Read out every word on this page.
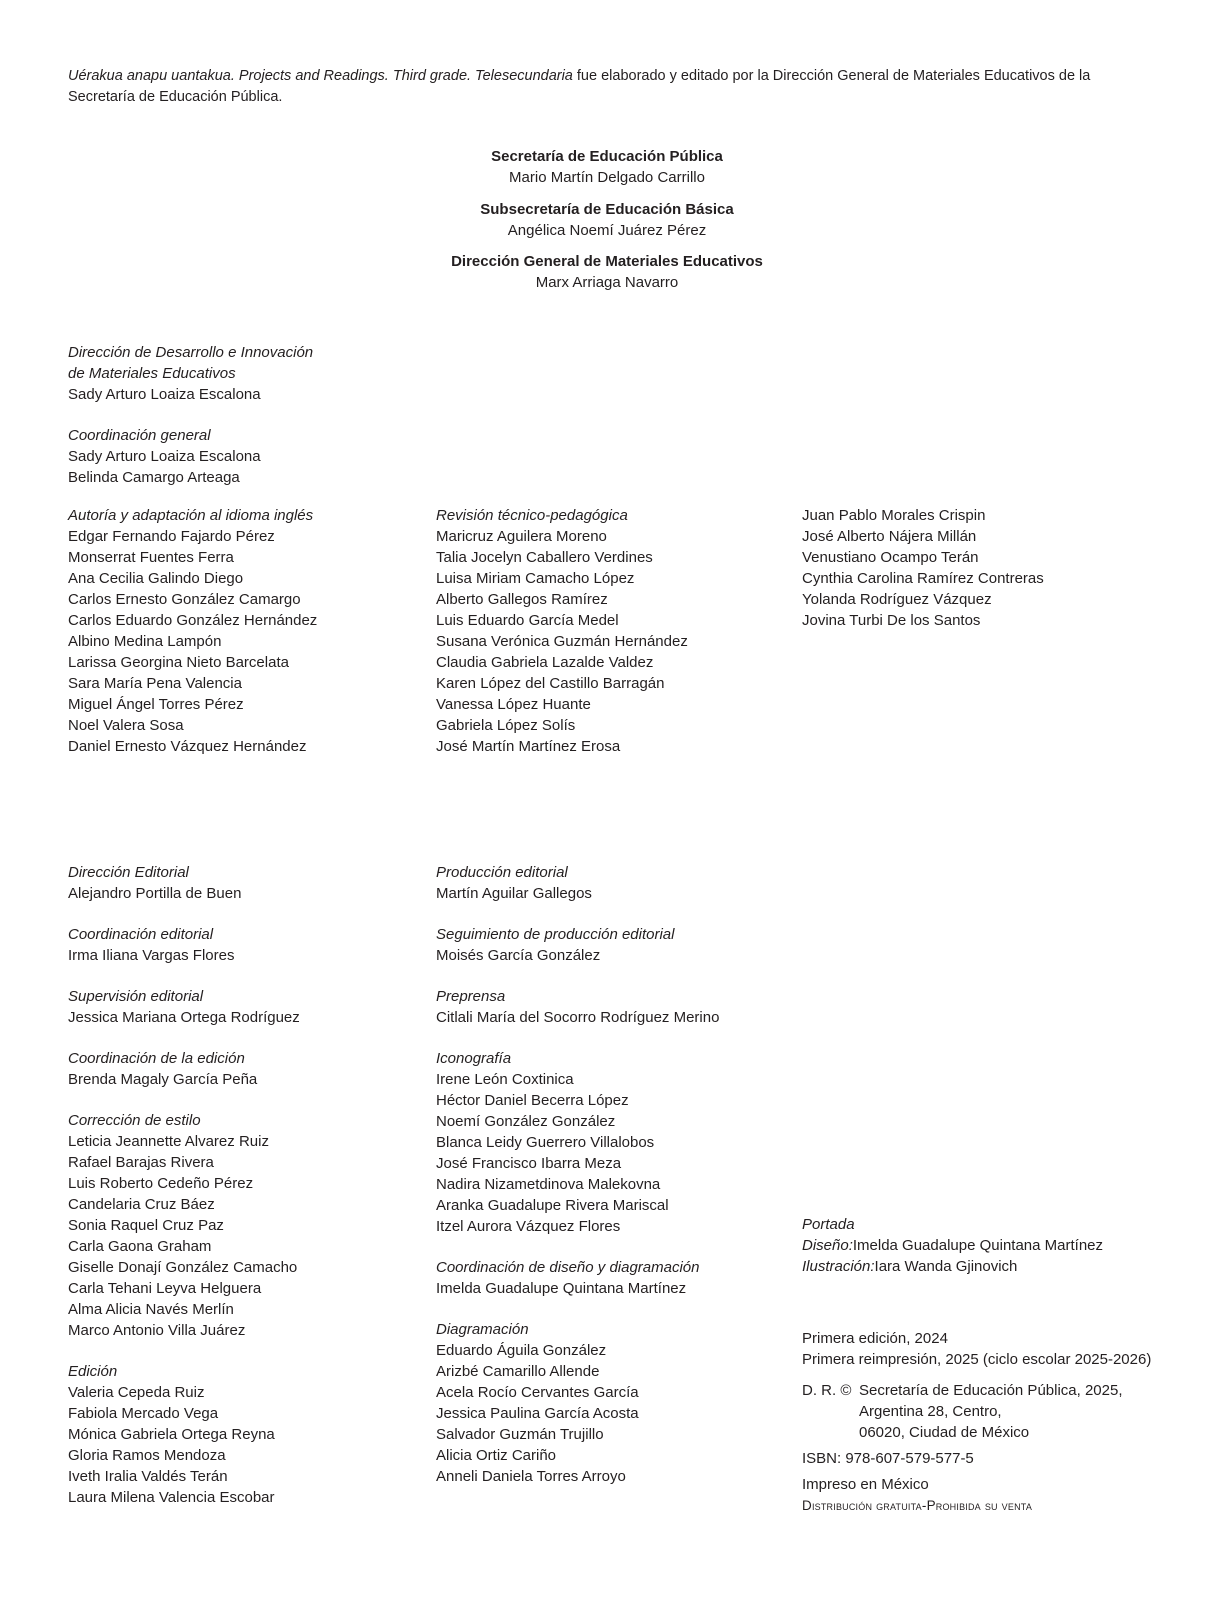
Uérakua anapu uantakua. Projects and Readings. Third grade. Telesecundaria fue elaborado y editado por la Dirección General de Materiales Educativos de la Secretaría de Educación Pública.
Secretaría de Educación Pública
Mario Martín Delgado Carrillo
Subsecretaría de Educación Básica
Angélica Noemí Juárez Pérez
Dirección General de Materiales Educativos
Marx Arriaga Navarro
Dirección de Desarrollo e Innovación
de Materiales Educativos
Sady Arturo Loaiza Escalona
Coordinación general
Sady Arturo Loaiza Escalona
Belinda Camargo Arteaga
Autoría y adaptación al idioma inglés
Edgar Fernando Fajardo Pérez
Monserrat Fuentes Ferra
Ana Cecilia Galindo Diego
Carlos Ernesto González Camargo
Carlos Eduardo González Hernández
Albino Medina Lampón
Larissa Georgina Nieto Barcelata
Sara María Pena Valencia
Miguel Ángel Torres Pérez
Noel Valera Sosa
Daniel Ernesto Vázquez Hernández
Revisión técnico-pedagógica
Maricruz Aguilera Moreno
Talia Jocelyn Caballero Verdines
Luisa Miriam Camacho López
Alberto Gallegos Ramírez
Luis Eduardo García Medel
Susana Verónica Guzmán Hernández
Claudia Gabriela Lazalde Valdez
Karen López del Castillo Barragán
Vanessa López Huante
Gabriela López Solís
José Martín Martínez Erosa
Juan Pablo Morales Crispin
José Alberto Nájera Millán
Venustiano Ocampo Terán
Cynthia Carolina Ramírez Contreras
Yolanda Rodríguez Vázquez
Jovina Turbi De los Santos
Dirección Editorial
Alejandro Portilla de Buen
Coordinación editorial
Irma Iliana Vargas Flores
Supervisión editorial
Jessica Mariana Ortega Rodríguez
Coordinación de la edición
Brenda Magaly García Peña
Corrección de estilo
Leticia Jeannette Alvarez Ruiz
Rafael Barajas Rivera
Luis Roberto Cedeño Pérez
Candelaria Cruz Báez
Sonia Raquel Cruz Paz
Carla Gaona Graham
Giselle Donají González Camacho
Carla Tehani Leyva Helguera
Alma Alicia Navés Merlín
Marco Antonio Villa Juárez
Edición
Valeria Cepeda Ruiz
Fabiola Mercado Vega
Mónica Gabriela Ortega Reyna
Gloria Ramos Mendoza
Iveth Iralia Valdés Terán
Laura Milena Valencia Escobar
Producción editorial
Martín Aguilar Gallegos
Seguimiento de producción editorial
Moisés García González
Preprensa
Citlali María del Socorro Rodríguez Merino
Iconografía
Irene León Coxtinica
Héctor Daniel Becerra López
Noemí González González
Blanca Leidy Guerrero Villalobos
José Francisco Ibarra Meza
Nadira Nizametdinova Malekovna
Aranka Guadalupe Rivera Mariscal
Itzel Aurora Vázquez Flores
Coordinación de diseño y diagramación
Imelda Guadalupe Quintana Martínez
Diagramación
Eduardo Águila González
Arizbé Camarillo Allende
Acela Rocío Cervantes García
Jessica Paulina García Acosta
Salvador Guzmán Trujillo
Alicia Ortiz Cariño
Anneli Daniela Torres Arroyo
Portada
Diseño:Imelda Guadalupe Quintana Martínez
Ilustración:Iara Wanda Gjinovich
Primera edición, 2024
Primera reimpresión, 2025 (ciclo escolar 2025-2026)
D. R. © Secretaría de Educación Pública, 2025,
Argentina 28, Centro,
06020, Ciudad de México
ISBN: 978-607-579-577-5
Impreso en México
Distribución gratuita-Prohibida su venta
